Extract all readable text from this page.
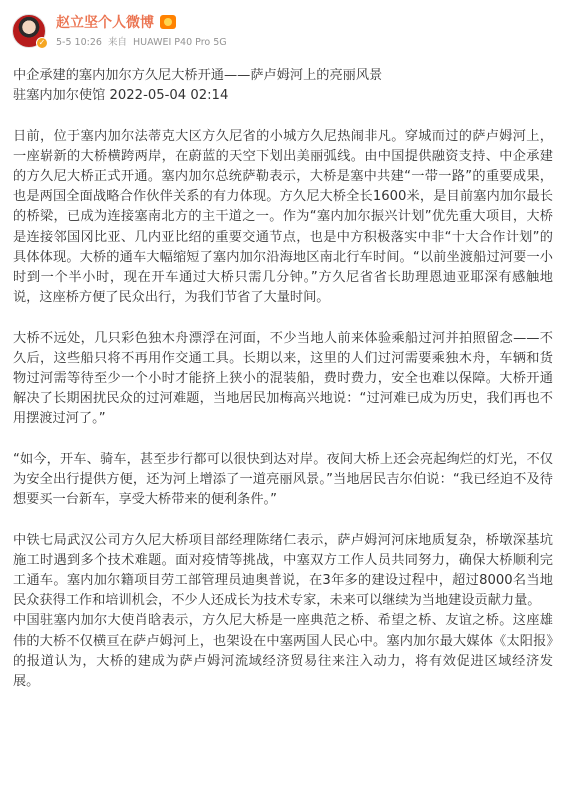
✓
赵立坚个人微博
5-5 10:26 来自 HUAWEI P40 Pro 5G

中企承建的塞内加尔方久尼大桥开通——萨卢姆河上的亮丽风景

驻塞内加尔使馆 2022-05-04 02:14

日前，位于塞内加尔法蒂克大区方久尼省的小城方久尼热闹非凡。穿城而过的萨卢姆河上，一座崭新的大桥横跨两岸，在蔚蓝的天空下划出美丽弧线。由中国提供融资支持、中企承建的方久尼大桥正式开通。塞内加尔总统萨勒表示，大桥是塞中共建“一带一路”的重要成果，也是两国全面战略合作伙伴关系的有力体现。方久尼大桥全长1600米，是目前塞内加尔最长的桥梁，已成为连接塞南北方的主干道之一。作为“塞内加尔振兴计划”优先重大项目，大桥是连接邻国冈比亚、几内亚比绍的重要交通节点，也是中方积极落实中非“十大合作计划”的具体体现。大桥的通车大幅缩短了塞内加尔沿海地区南北行车时间。“以前坐渡船过河要一小时到一个半小时，现在开车通过大桥只需几分钟。”方久尼省省长助理恩迪亚耶深有感触地说，这座桥方便了民众出行，为我们节省了大量时间。

大桥不远处，几只彩色独木舟漂浮在河面，不少当地人前来体验乘船过河并拍照留念——不久后，这些船只将不再用作交通工具。长期以来，这里的人们过河需要乘独木舟，车辆和货物过河需等待至少一个小时才能挤上狭小的混装船，费时费力，安全也难以保障。大桥开通解决了长期困扰民众的过河难题，当地居民加梅高兴地说：“过河难已成为历史，我们再也不用摆渡过河了。”

“如今，开车、骑车，甚至步行都可以很快到达对岸。夜间大桥上还会亮起绚烂的灯光，不仅为安全出行提供方便，还为河上增添了一道亮丽风景。”当地居民吉尔伯说：“我已经迫不及待想要买一台新车，享受大桥带来的便利条件。”

中铁七局武汉公司方久尼大桥项目部经理陈绪仁表示，萨卢姆河河床地质复杂，桥墩深基坑施工时遇到多个技术难题。面对疫情等挑战，中塞双方工作人员共同努力，确保大桥顺利完工通车。塞内加尔籍项目劳工部管理员迪奥普说，在3年多的建设过程中，超过8000名当地民众获得工作和培训机会，不少人还成长为技术专家，未来可以继续为当地建设贡献力量。

中国驻塞内加尔大使肖晗表示，方久尼大桥是一座典范之桥、希望之桥、友谊之桥。这座雄伟的大桥不仅横亘在萨卢姆河上，也架设在中塞两国人民心中。塞内加尔最大媒体《太阳报》的报道认为，大桥的建成为萨卢姆河流域经济贸易往来注入动力，将有效促进区域经济发展。
